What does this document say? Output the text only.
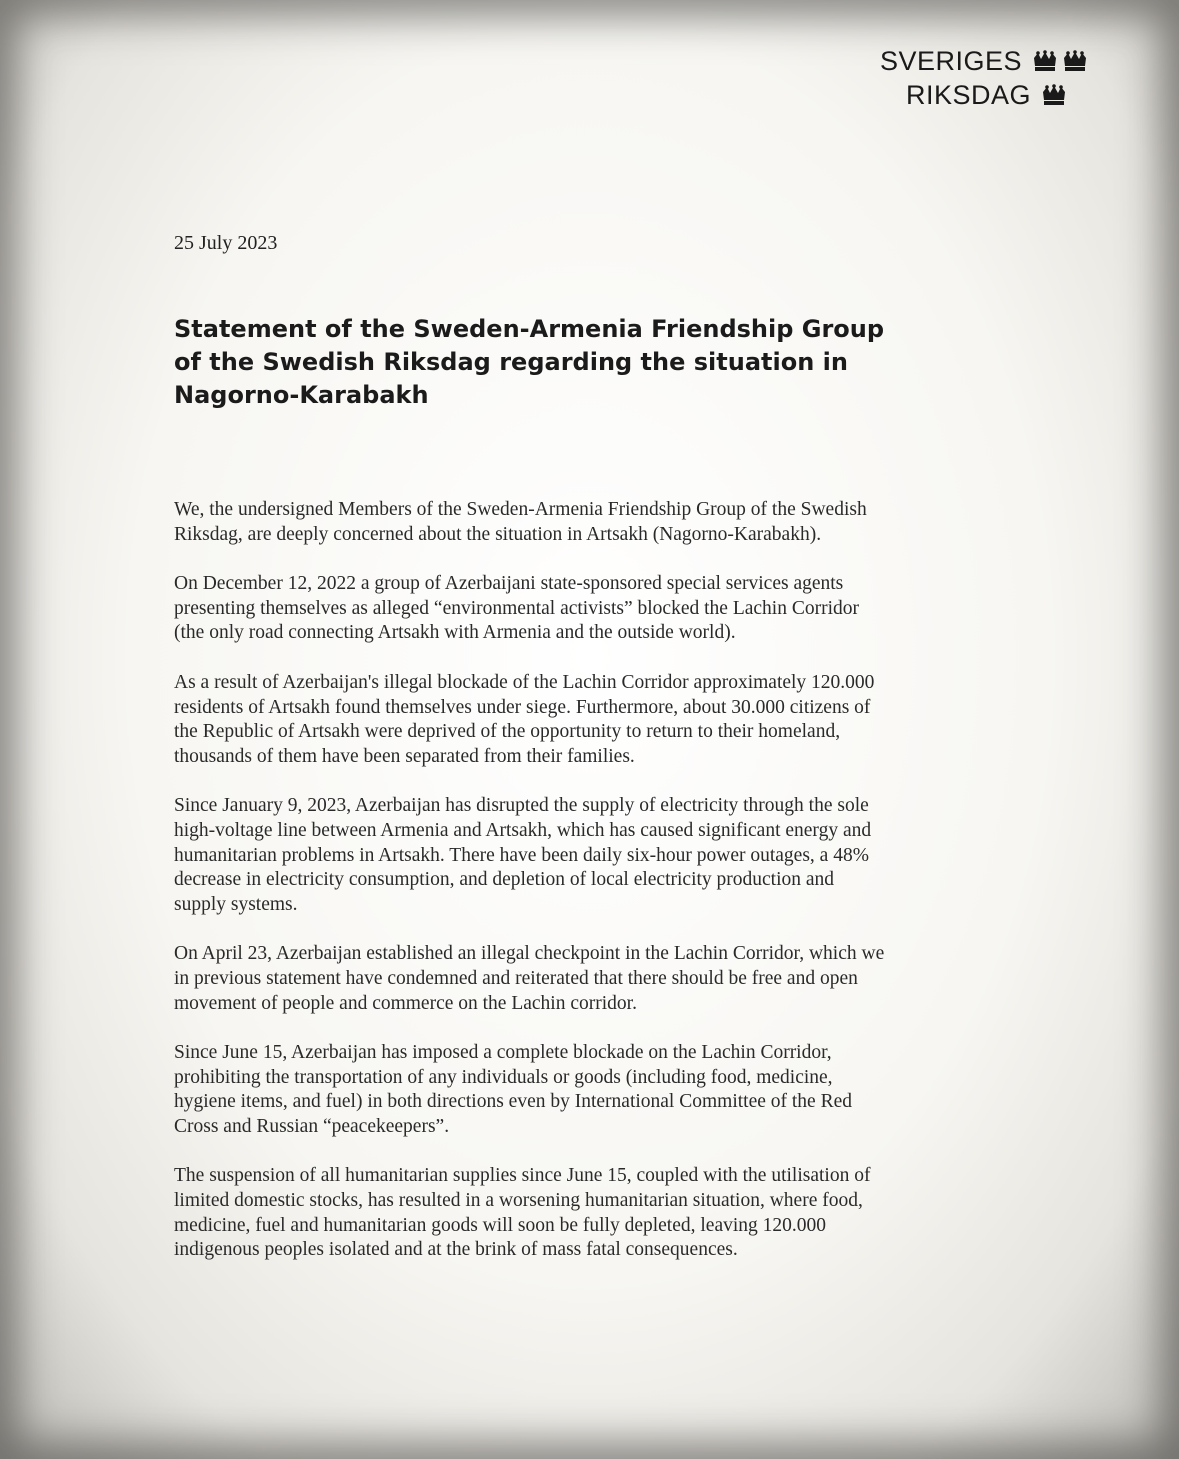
SVERIGES
RIKSDAG
25 July 2023
Statement of the Sweden-Armenia Friendship Group of the Swedish Riksdag regarding the situation in Nagorno-Karabakh

We, the undersigned Members of the Sweden-Armenia Friendship Group of the Swedish Riksdag, are deeply concerned about the situation in Artsakh (Nagorno-Karabakh).

On December 12, 2022 a group of Azerbaijani state-sponsored special services agents presenting themselves as alleged “environmental activists” blocked the Lachin Corridor (the only road connecting Artsakh with Armenia and the outside world).

As a result of Azerbaijan's illegal blockade of the Lachin Corridor approximately 120.000 residents of Artsakh found themselves under siege. Furthermore, about 30.000 citizens of the Republic of Artsakh were deprived of the opportunity to return to their homeland, thousands of them have been separated from their families.

Since January 9, 2023, Azerbaijan has disrupted the supply of electricity through the sole high-voltage line between Armenia and Artsakh, which has caused significant energy and humanitarian problems in Artsakh. There have been daily six-hour power outages, a 48% decrease in electricity consumption, and depletion of local electricity production and supply systems.

On April 23, Azerbaijan established an illegal checkpoint in the Lachin Corridor, which we in previous statement have condemned and reiterated that there should be free and open movement of people and commerce on the Lachin corridor.

Since June 15, Azerbaijan has imposed a complete blockade on the Lachin Corridor, prohibiting the transportation of any individuals or goods (including food, medicine, hygiene items, and fuel) in both directions even by International Committee of the Red Cross and Russian “peacekeepers”.

The suspension of all humanitarian supplies since June 15, coupled with the utilisation of limited domestic stocks, has resulted in a worsening humanitarian situation, where food, medicine, fuel and humanitarian goods will soon be fully depleted, leaving 120.000 indigenous peoples isolated and at the brink of mass fatal consequences.
